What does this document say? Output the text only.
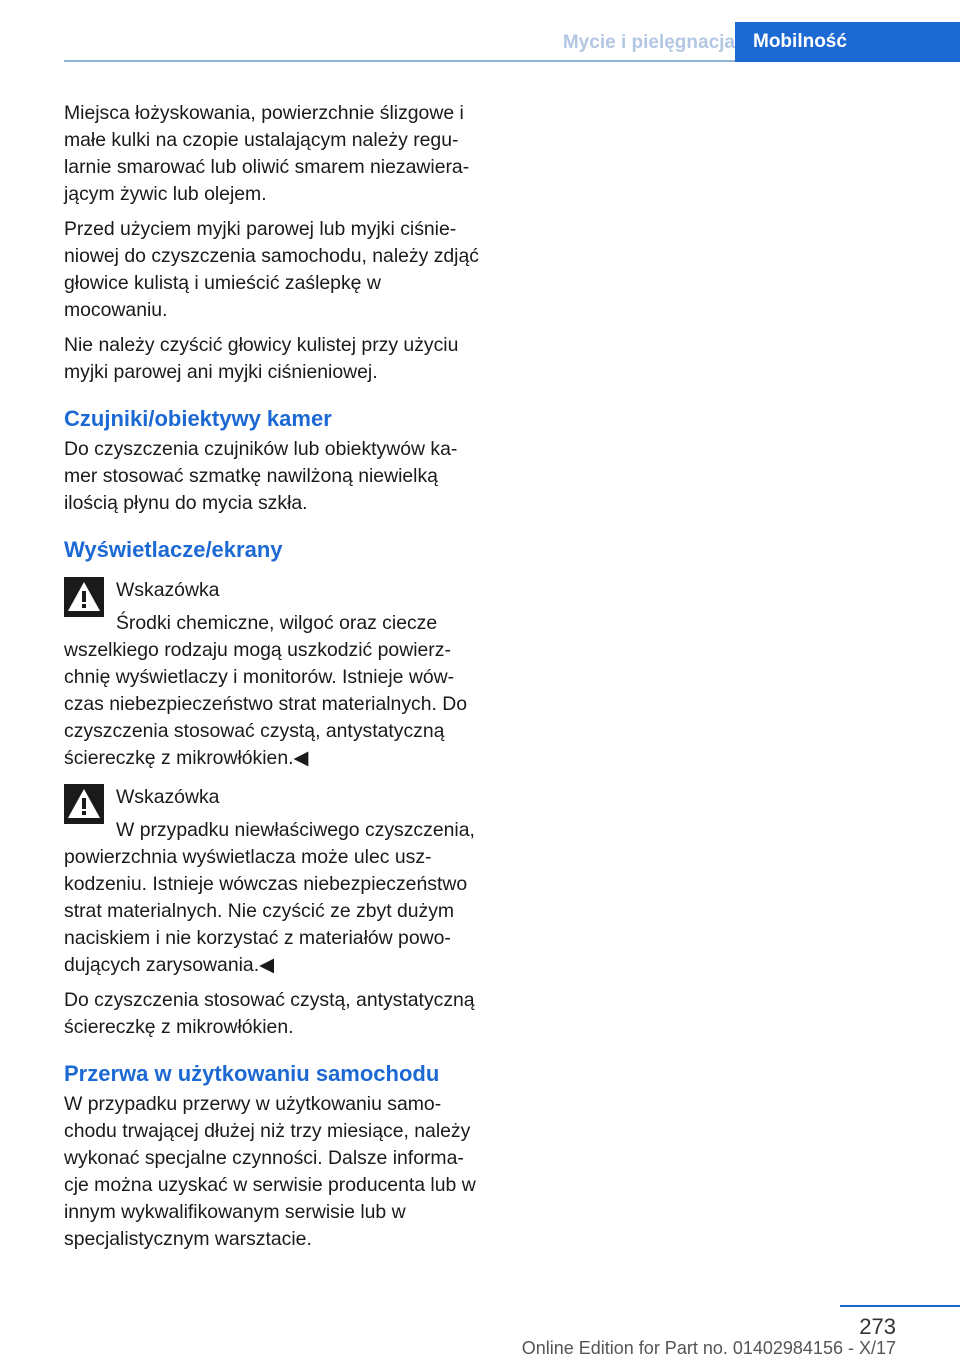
Mycie i pielęgnacja Mobilność

Miejsca łożyskowania, powierzchnie ślizgowe i małe kulki na czopie ustalającym należy regularnie smarować lub oliwić smarem niezawierającym żywic lub olejem.

Przed użyciem myjki parowej lub myjki ciśnieniowej do czyszczenia samochodu, należy zdjąć głowice kulistą i umieścić zaślepkę w mocowaniu.

Nie należy czyścić głowicy kulistej przy użyciu myjki parowej ani myjki ciśnieniowej.

Czujniki/obiektywy kamer

Do czyszczenia czujników lub obiektywów kamer stosować szmatkę nawilżoną niewielką ilością płynu do mycia szkła.

Wyświetlacze/ekrany
Wskazówka

Środki chemiczne, wilgoć oraz ciecze wszelkiego rodzaju mogą uszkodzić powierzchnię wyświetlaczy i monitorów. Istnieje wówczas niebezpieczeństwo strat materialnych. Do czyszczenia stosować czystą, antystatyczną ściereczkę z mikrowłókien.◀

Wskazówka

W przypadku niewłaściwego czyszczenia, powierzchnia wyświetlacza może ulec uszkodzeniu. Istnieje wówczas niebezpieczeństwo strat materialnych. Nie czyścić ze zbyt dużym naciskiem i nie korzystać z materiałów powodujących zarysowania.◀

Do czyszczenia stosować czystą, antystatyczną ściereczkę z mikrowłókien.

Przerwa w użytkowaniu samochodu

W przypadku przerwy w użytkowaniu samochodu trwającej dłużej niż trzy miesiące, należy wykonać specjalne czynności. Dalsze informacje można uzyskać w serwisie producenta lub w innym wykwalifikowanym serwisie lub w specjalistycznym warsztacie.

273
Online Edition for Part no. 01402984156 - X/17
